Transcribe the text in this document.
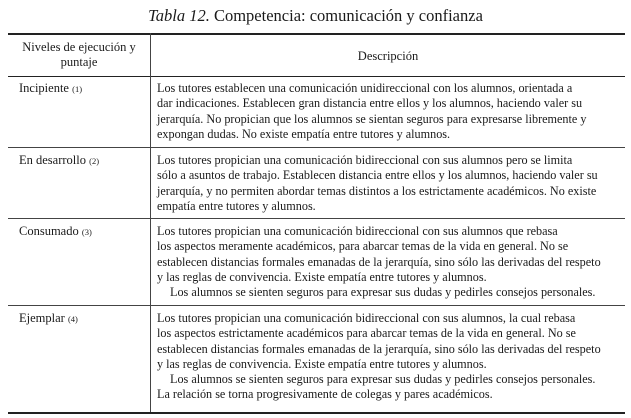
Tabla 12. Competencia: comunicación y confianza
Niveles de ejecución y puntaje	Descripción
Incipiente (1)	Los tutores establecen una comunicación unidireccional con los alumnos, orientada a
dar indicaciones. Establecen gran distancia entre ellos y los alumnos, haciendo valer su
jerarquía. No propician que los alumnos se sientan seguros para expresarse libremente y
expongan dudas. No existe empatía entre tutores y alumnos.
En desarrollo (2)	Los tutores propician una comunicación bidireccional con sus alumnos pero se limita
sólo a asuntos de trabajo. Establecen distancia entre ellos y los alumnos, haciendo valer su
jerarquía, y no permiten abordar temas distintos a los estrictamente académicos. No existe
empatía entre tutores y alumnos.
Consumado (3)	Los tutores propician una comunicación bidireccional con sus alumnos que rebasa
los aspectos meramente académicos, para abarcar temas de la vida en general. No se
establecen distancias formales emanadas de la jerarquía, sino sólo las derivadas del respeto
y las reglas de convivencia. Existe empatía entre tutores y alumnos.
Los alumnos se sienten seguros para expresar sus dudas y pedirles consejos personales.
Ejemplar (4)	Los tutores propician una comunicación bidireccional con sus alumnos, la cual rebasa
los aspectos estrictamente académicos para abarcar temas de la vida en general. No se
establecen distancias formales emanadas de la jerarquía, sino sólo las derivadas del respeto
y las reglas de convivencia. Existe empatía entre tutores y alumnos.
Los alumnos se sienten seguros para expresar sus dudas y pedirles consejos personales.
La relación se torna progresivamente de colegas y pares académicos.
